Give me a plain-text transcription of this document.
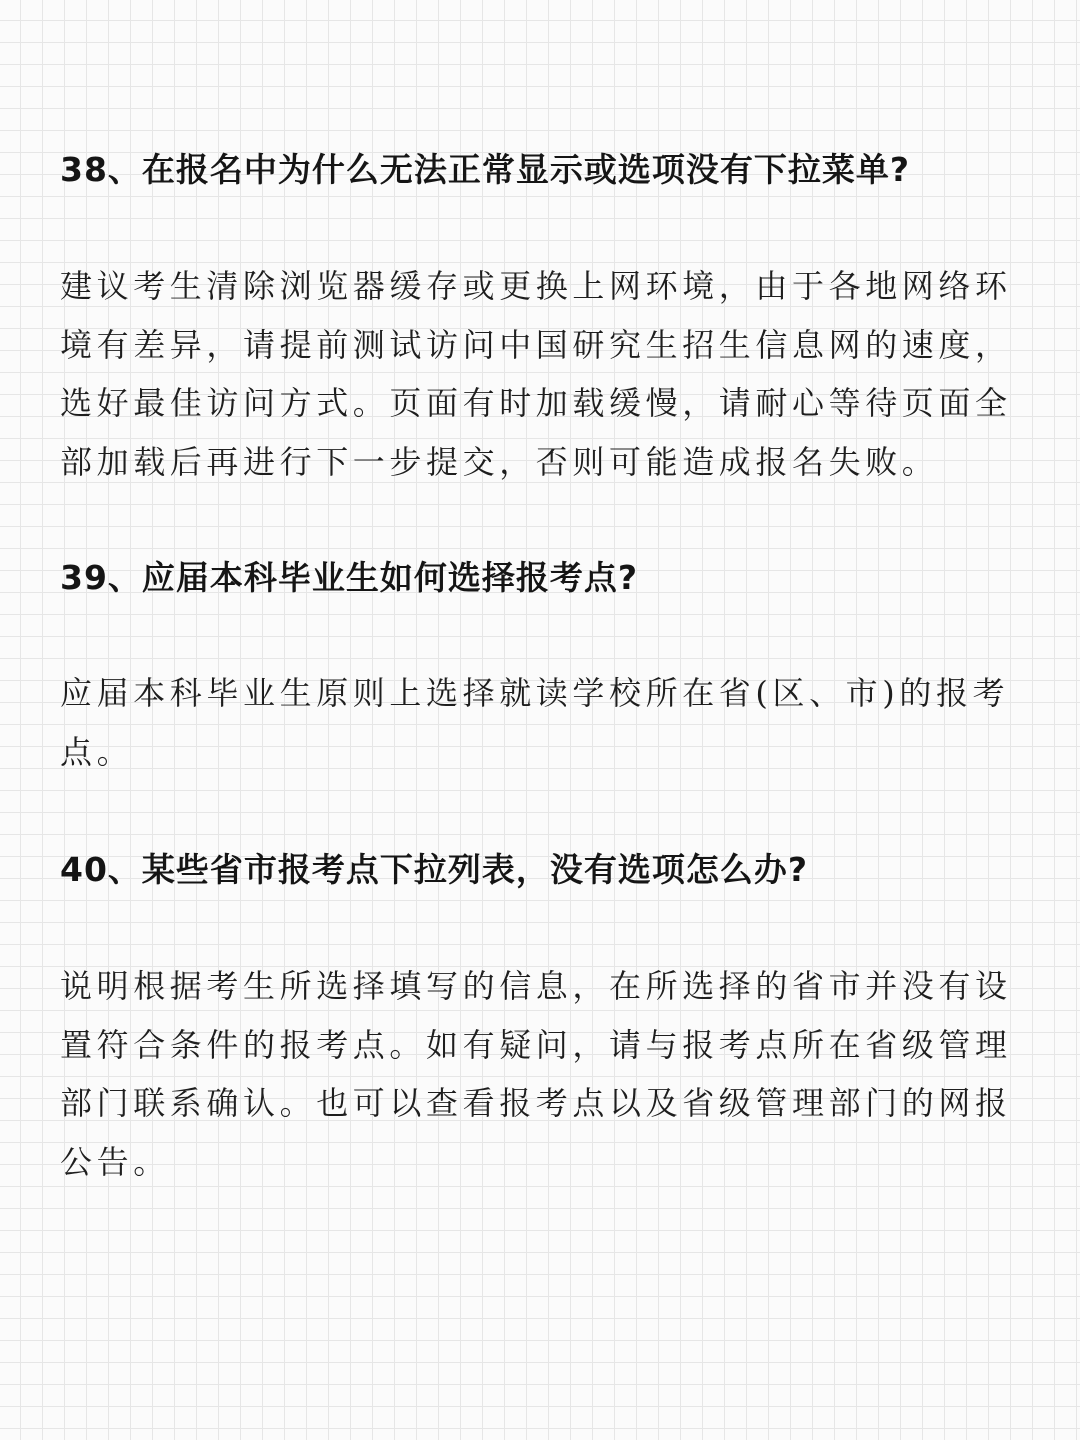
38、在报名中为什么无法正常显示或选项没有下拉菜单?

建议考生清除浏览器缓存或更换上网环境，由于各地网络环境有差异，请提前测试访问中国研究生招生信息网的速度，选好最佳访问方式。页面有时加载缓慢，请耐心等待页面全部加载后再进行下一步提交，否则可能造成报名失败。

39、应届本科毕业生如何选择报考点?

应届本科毕业生原则上选择就读学校所在省(区、市)的报考点。

40、某些省市报考点下拉列表，没有选项怎么办?

说明根据考生所选择填写的信息，在所选择的省市并没有设置符合条件的报考点。如有疑问，请与报考点所在省级管理部门联系确认。也可以查看报考点以及省级管理部门的网报公告。
